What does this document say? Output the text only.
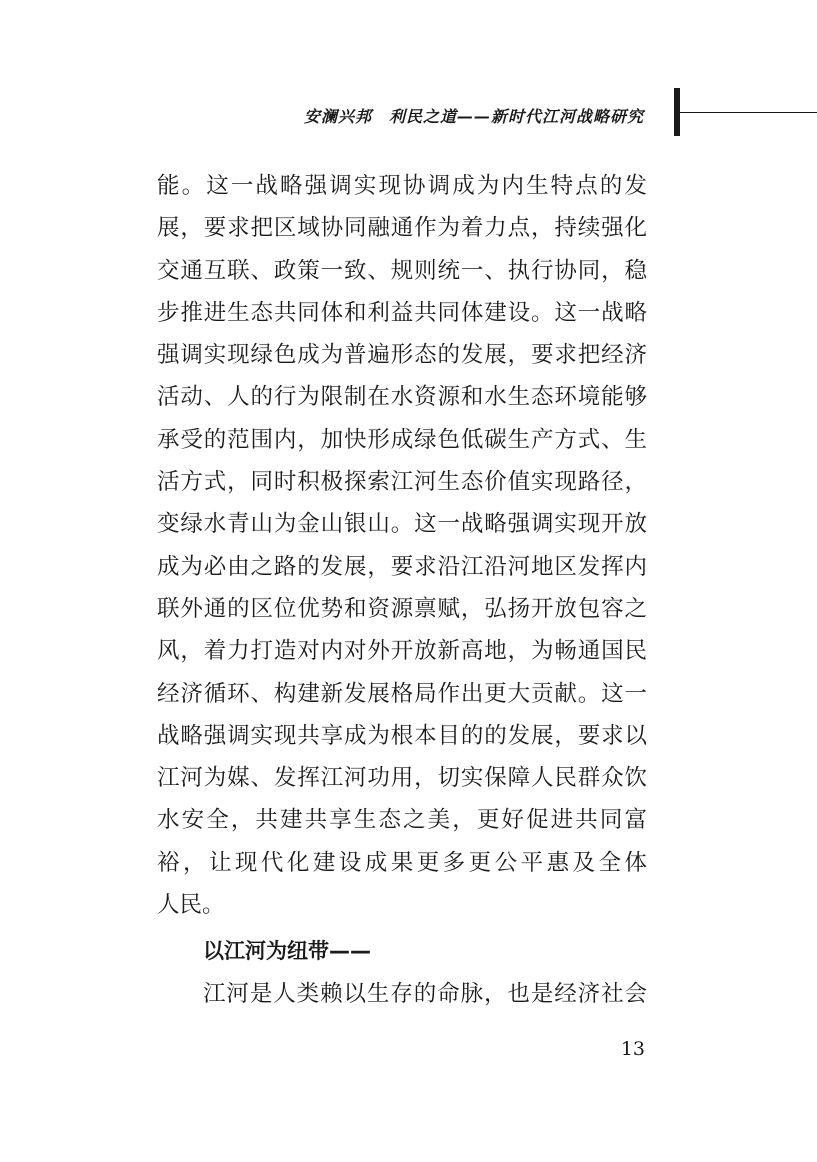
安澜兴邦　利民之道——新时代江河战略研究
能。这一战略强调实现协调成为内生特点的发
展，要求把区域协同融通作为着力点，持续强化
交通互联、政策一致、规则统一、执行协同，稳
步推进生态共同体和利益共同体建设。这一战略
强调实现绿色成为普遍形态的发展，要求把经济
活动、人的行为限制在水资源和水生态环境能够
承受的范围内，加快形成绿色低碳生产方式、生
活方式，同时积极探索江河生态价值实现路径，
变绿水青山为金山银山。这一战略强调实现开放
成为必由之路的发展，要求沿江沿河地区发挥内
联外通的区位优势和资源禀赋，弘扬开放包容之
风，着力打造对内对外开放新高地，为畅通国民
经济循环、构建新发展格局作出更大贡献。这一
战略强调实现共享成为根本目的的发展，要求以
江河为媒、发挥江河功用，切实保障人民群众饮
水安全，共建共享生态之美，更好促进共同富
裕，让现代化建设成果更多更公平惠及全体
人民。
以江河为纽带——
江河是人类赖以生存的命脉，也是经济社会
13
